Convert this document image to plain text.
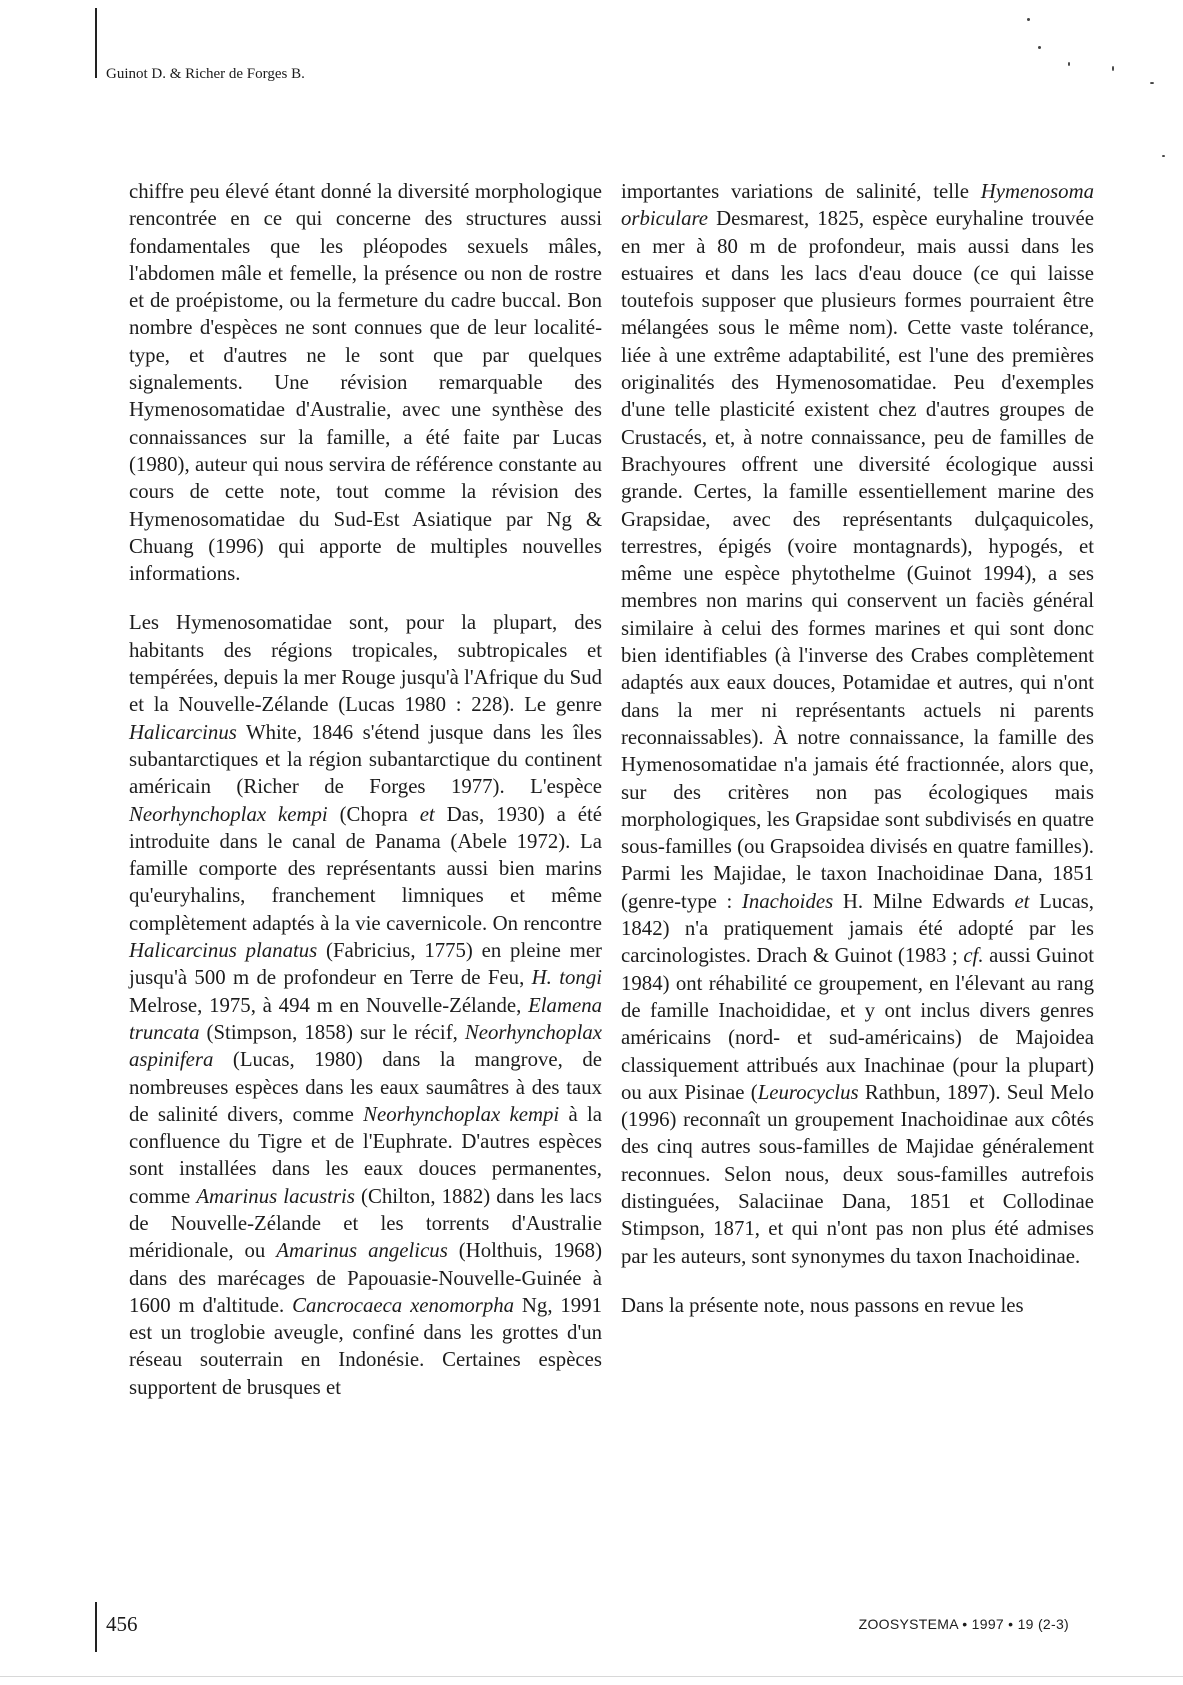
Guinot D. & Richer de Forges B.

chiffre peu élevé étant donné la diversité morphologique rencontrée en ce qui concerne des structures aussi fondamentales que les pléopodes sexuels mâles, l'abdomen mâle et femelle, la présence ou non de rostre et de proépistome, ou la fermeture du cadre buccal. Bon nombre d'espèces ne sont connues que de leur localité-type, et d'autres ne le sont que par quelques signalements. Une révision remarquable des Hymenosomatidae d'Australie, avec une synthèse des connaissances sur la famille, a été faite par Lucas (1980), auteur qui nous servira de référence constante au cours de cette note, tout comme la révision des Hymenosomatidae du Sud-Est Asiatique par Ng & Chuang (1996) qui apporte de multiples nouvelles informations.

Les Hymenosomatidae sont, pour la plupart, des habitants des régions tropicales, subtropicales et tempérées, depuis la mer Rouge jusqu'à l'Afrique du Sud et la Nouvelle-Zélande (Lucas 1980 : 228). Le genre Halicarcinus White, 1846 s'étend jusque dans les îles subantarctiques et la région subantarctique du continent américain (Richer de Forges 1977). L'espèce Neorhynchoplax kempi (Chopra et Das, 1930) a été introduite dans le canal de Panama (Abele 1972). La famille comporte des représentants aussi bien marins qu'euryhalins, franchement limniques et même complètement adaptés à la vie cavernicole. On rencontre Halicarcinus planatus (Fabricius, 1775) en pleine mer jusqu'à 500 m de profondeur en Terre de Feu, H. tongi Melrose, 1975, à 494 m en Nouvelle-Zélande, Elamena truncata (Stimpson, 1858) sur le récif, Neorhynchoplax aspinifera (Lucas, 1980) dans la mangrove, de nombreuses espèces dans les eaux saumâtres à des taux de salinité divers, comme Neorhynchoplax kempi à la confluence du Tigre et de l'Euphrate. D'autres espèces sont installées dans les eaux douces permanentes, comme Amarinus lacustris (Chilton, 1882) dans les lacs de Nouvelle-Zélande et les torrents d'Australie méridionale, ou Amarinus angelicus (Holthuis, 1968) dans des marécages de Papouasie-Nouvelle-Guinée à 1600 m d'altitude. Cancrocaeca xenomorpha Ng, 1991 est un troglobie aveugle, confiné dans les grottes d'un réseau souterrain en Indonésie. Certaines espèces supportent de brusques et

importantes variations de salinité, telle Hymenosoma orbiculare Desmarest, 1825, espèce euryhaline trouvée en mer à 80 m de profondeur, mais aussi dans les estuaires et dans les lacs d'eau douce (ce qui laisse toutefois supposer que plusieurs formes pourraient être mélangées sous le même nom). Cette vaste tolérance, liée à une extrême adaptabilité, est l'une des premières originalités des Hymenosomatidae. Peu d'exemples d'une telle plasticité existent chez d'autres groupes de Crustacés, et, à notre connaissance, peu de familles de Brachyoures offrent une diversité écologique aussi grande. Certes, la famille essentiellement marine des Grapsidae, avec des représentants dulçaquicoles, terrestres, épigés (voire montagnards), hypogés, et même une espèce phytothelme (Guinot 1994), a ses membres non marins qui conservent un faciès général similaire à celui des formes marines et qui sont donc bien identifiables (à l'inverse des Crabes complètement adaptés aux eaux douces, Potamidae et autres, qui n'ont dans la mer ni représentants actuels ni parents reconnaissables). À notre connaissance, la famille des Hymenosomatidae n'a jamais été fractionnée, alors que, sur des critères non pas écologiques mais morphologiques, les Grapsidae sont subdivisés en quatre sous-familles (ou Grapsoidea divisés en quatre familles).

Parmi les Majidae, le taxon Inachoidinae Dana, 1851 (genre-type : Inachoides H. Milne Edwards et Lucas, 1842) n'a pratiquement jamais été adopté par les carcinologistes. Drach & Guinot (1983 ; cf. aussi Guinot 1984) ont réhabilité ce groupement, en l'élevant au rang de famille Inachoididae, et y ont inclus divers genres américains (nord- et sud-américains) de Majoidea classiquement attribués aux Inachinae (pour la plupart) ou aux Pisinae (Leurocyclus Rathbun, 1897). Seul Melo (1996) reconnaît un groupement Inachoidinae aux côtés des cinq autres sous-familles de Majidae généralement reconnues. Selon nous, deux sous-familles autrefois distinguées, Salaciinae Dana, 1851 et Collodinae Stimpson, 1871, et qui n'ont pas non plus été admises par les auteurs, sont synonymes du taxon Inachoidinae.

Dans la présente note, nous passons en revue les

456	ZOOSYSTEMA • 1997 • 19 (2-3)
